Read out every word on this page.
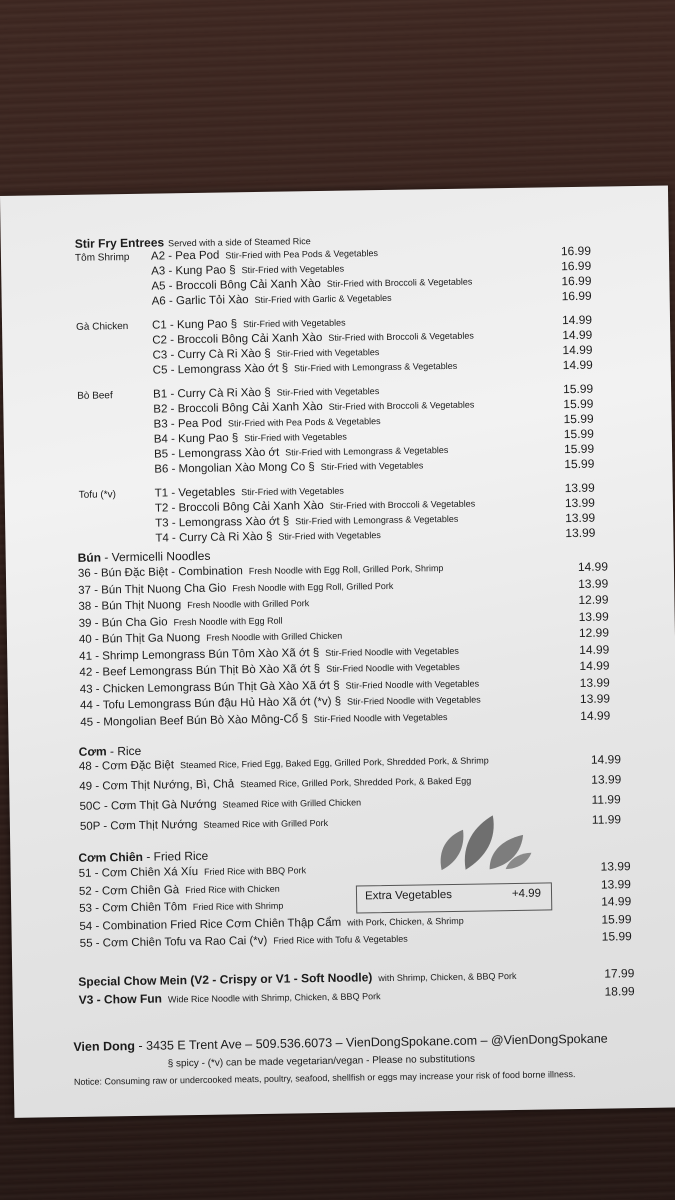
Stir Fry Entrees Served with a side of Steamed Rice
Tôm Shrimp A2 - Pea Pod Stir-Fried with Pea Pods & Vegetables	16.99
A3 - Kung Pao § Stir-Fried with Vegetables	16.99
A5 - Broccoli Bông Cải Xanh Xào Stir-Fried with Broccoli & Vegetables	16.99
A6 - Garlic Tỏi Xào Stir-Fried with Garlic & Vegetables	16.99
Gà Chicken C1 - Kung Pao § Stir-Fried with Vegetables	14.99
C2 - Broccoli Bông Cải Xanh Xào Stir-Fried with Broccoli & Vegetables	14.99
C3 - Curry Cà Ri Xào § Stir-Fried with Vegetables	14.99
C5 - Lemongrass Xào ớt § Stir-Fried with Lemongrass & Vegetables	14.99
Bò Beef	B1 - Curry Cà Ri Xào § Stir-Fried with Vegetables	15.99
B2 - Broccoli Bông Cải Xanh Xào Stir-Fried with Broccoli & Vegetables	15.99
B3 - Pea Pod Stir-Fried with Pea Pods & Vegetables	15.99
B4 - Kung Pao § Stir-Fried with Vegetables	15.99
B5 - Lemongrass Xào ớt Stir-Fried with Lemongrass & Vegetables	15.99
B6 - Mongolian Xào Mong Co § Stir-Fried with Vegetables	15.99
Tofu (*v)	T1 - Vegetables Stir-Fried with Vegetables	13.99
T2 - Broccoli Bông Cải Xanh Xào Stir-Fried with Broccoli & Vegetables	13.99
T3 - Lemongrass Xào ớt § Stir-Fried with Lemongrass & Vegetables	13.99
T4 - Curry Cà Ri Xào § Stir-Fried with Vegetables	13.99
Bún - Vermicelli Noodles
36 - Bún Đặc Biệt - Combination Fresh Noodle with Egg Roll, Grilled Pork, Shrimp	14.99
37 - Bún Thịt Nuong Cha Gio Fresh Noodle with Egg Roll, Grilled Pork	13.99
38 - Bún Thịt Nuong Fresh Noodle with Grilled Pork	12.99
39 - Bún Cha Gio Fresh Noodle with Egg Roll	13.99
40 - Bún Thịt Ga Nuong Fresh Noodle with Grilled Chicken	12.99
41 - Shrimp Lemongrass Bún Tôm Xào Xã ớt § Stir-Fried Noodle with Vegetables	14.99
42 - Beef Lemongrass Bún Thịt Bò Xào Xã ớt § Stir-Fried Noodle with Vegetables	14.99
43 - Chicken Lemongrass Bún Thịt Gà Xào Xã ớt § Stir-Fried Noodle with Vegetables	13.99
44 - Tofu Lemongrass Bún đậu Hủ Hào Xã ớt (*v) § Stir-Fried Noodle with Vegetables	13.99
45 - Mongolian Beef Bún Bò Xào Mông-Cổ § Stir-Fried Noodle with Vegetables	14.99
Cơm - Rice
48 - Cơm Đặc Biệt Steamed Rice, Fried Egg, Baked Egg, Grilled Pork, Shredded Pork, & Shrimp	14.99
49 - Cơm Thịt Nướng, Bì, Chả Steamed Rice, Grilled Pork, Shredded Pork, & Baked Egg	13.99
50C - Cơm Thịt Gà Nướng Steamed Rice with Grilled Chicken	11.99
50P - Cơm Thịt Nướng Steamed Rice with Grilled Pork	11.99
Cơm Chiên - Fried Rice
51 - Cơm Chiên Xá Xíu Fried Rice with BBQ Pork	13.99
52 - Cơm Chiên Gà Fried Rice with Chicken	13.99
53 - Cơm Chiên Tôm Fried Rice with Shrimp	14.99
54 - Combination Fried Rice Cơm Chiên Thập Cẩm with Pork, Chicken, & Shrimp	15.99
55 - Cơm Chiên Tofu va Rao Cai (*v) Fried Rice with Tofu & Vegetables	15.99
Special Chow Mein (V2 - Crispy or V1 - Soft Noodle) with Shrimp, Chicken, & BBQ Pork	17.99
V3 - Chow Fun Wide Rice Noodle with Shrimp, Chicken, & BBQ Pork	18.99
Extra Vegetables	+4.99
Vien Dong - 3435 E Trent Ave – 509.536.6073 – VienDongSpokane.com – @VienDongSpokane
§ spicy - (*v) can be made vegetarian/vegan - Please no substitutions
Notice: Consuming raw or undercooked meats, poultry, seafood, shellfish or eggs may increase your risk of food borne illness.
